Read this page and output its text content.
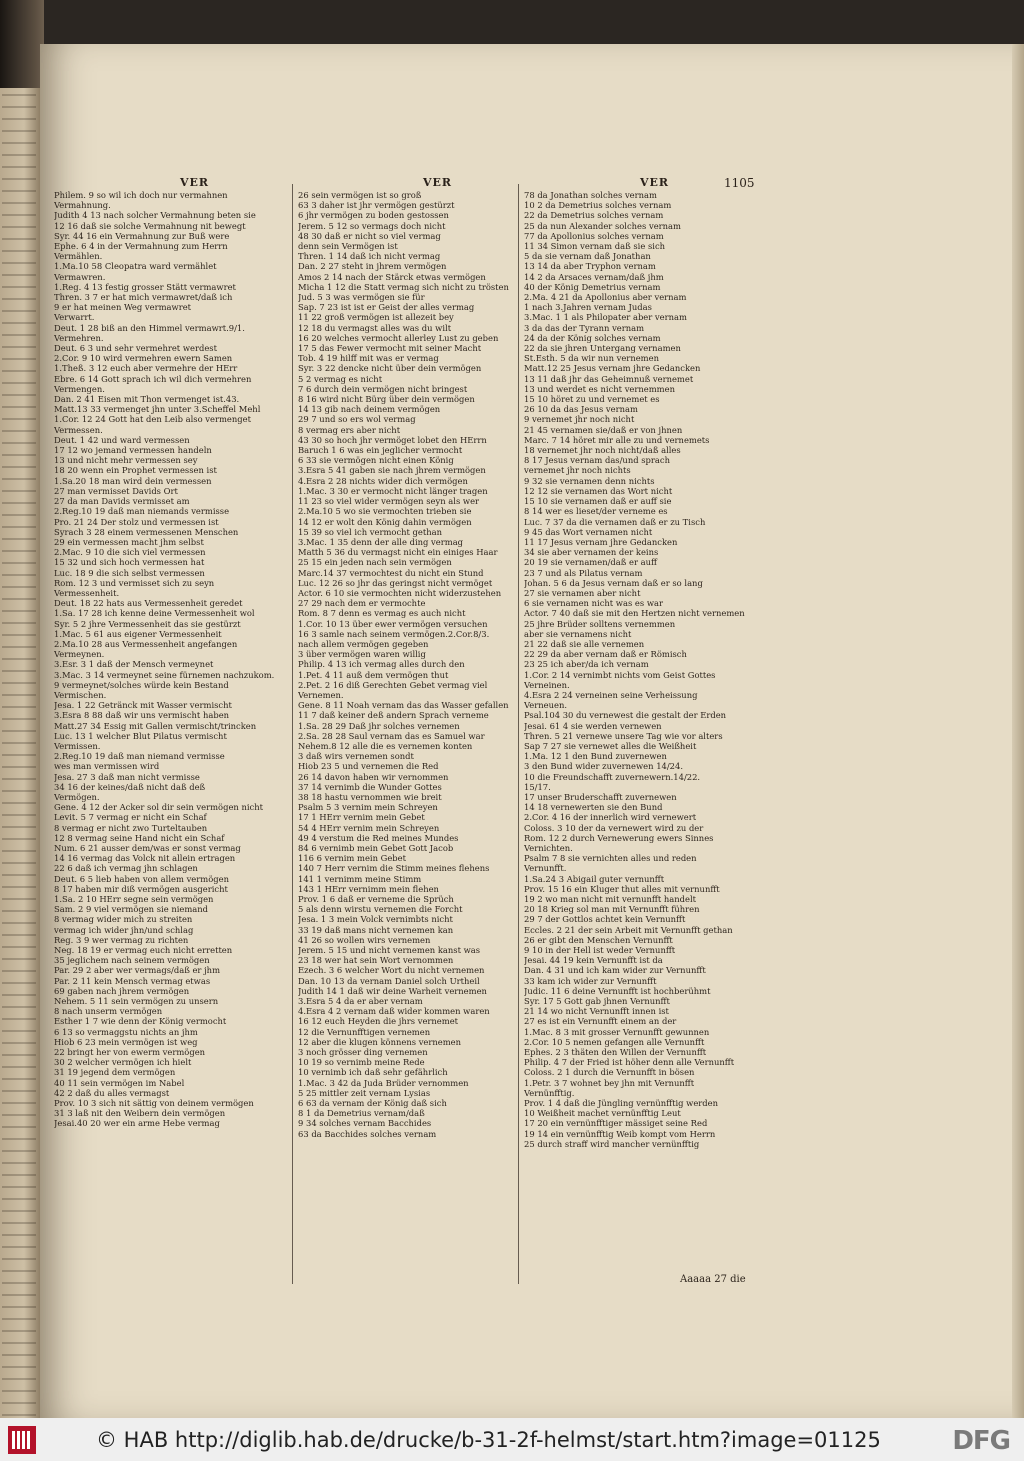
VER	VER	VER	1105
Philem. 9 so wil ich doch nur vermahnen
Vermahnung.
Judith 4 13 nach solcher Vermahnung beten sie
12 16 daß sie solche Vermahnung nit bewegt
Syr. 44 16 ein Vermahnung zur Buß were
Ephe. 6 4 in der Vermahnung zum Herrn
Vermählen.
1.Ma.10 58 Cleopatra ward vermählet
Vermawren.
1.Reg. 4 13 festig grosser Stätt vermawret
Thren. 3 7 er hat mich vermawret/daß ich
9 er hat meinen Weg vermawret
Verwarrt.
Deut. 1 28 biß an den Himmel vermawrt.9/1.
Vermehren.
Deut. 6 3 und sehr vermehret werdest
2.Cor. 9 10 wird vermehren ewern Samen
1.Theß. 3 12 euch aber vermehre der HErr
Ebre. 6 14 Gott sprach ich wil dich vermehren
Vermengen.
Dan. 2 41 Eisen mit Thon vermenget ist.43.
Matt.13 33 vermenget jhn unter 3.Scheffel Mehl
1.Cor. 12 24 Gott hat den Leib also vermenget
Vermessen.
Deut. 1 42 und ward vermessen
17 12 wo jemand vermessen handeln
13 und nicht mehr vermessen sey
18 20 wenn ein Prophet vermessen ist
1.Sa.20 18 man wird dein vermessen
27 man vermisset Davids Ort
27 da man Davids vermisset am
2.Reg.10 19 daß man niemands vermisse
Pro. 21 24 Der stolz und vermessen ist
Syrach 3 28 einem vermessenen Menschen
29 ein vermessen macht jhm selbst
2.Mac. 9 10 die sich viel vermessen
15 32 und sich hoch vermessen hat
Luc. 18 9 die sich selbst vermessen
Rom. 12 3 und vermisset sich zu seyn
Vermessenheit.
Deut. 18 22 hats aus Vermessenheit geredet
1.Sa. 17 28 ich kenne deine Vermessenheit wol
Syr. 5 2 jhre Vermessenheit das sie gestürzt
1.Mac. 5 61 aus eigener Vermessenheit
2.Ma.10 28 aus Vermessenheit angefangen
Vermeynen.
3.Esr. 3 1 daß der Mensch vermeynet
3.Mac. 3 14 vermeynet seine fürnemen nachzukom.
9 vermeynet/solches würde kein Bestand
Vermischen.
Jesa. 1 22 Getränck mit Wasser vermischt
3.Esra 8 88 daß wir uns vermischt haben
Matt.27 34 Essig mit Gallen vermischt/trincken
Luc. 13 1 welcher Blut Pilatus vermischt
Vermissen.
2.Reg.10 19 daß man niemand vermisse
wes man vermissen wird
Jesa. 27 3 daß man nicht vermisse
34 16 der keines/daß nicht daß deß
Vermögen.
Gene. 4 12 der Acker sol dir sein vermögen nicht
Levit. 5 7 vermag er nicht ein Schaf
8 vermag er nicht zwo Turteltauben
12 8 vermag seine Hand nicht ein Schaf
Num. 6 21 ausser dem/was er sonst vermag
14 16 vermag das Volck nit allein ertragen
22 6 daß ich vermag jhn schlagen
Deut. 6 5 lieb haben von allem vermögen
8 17 haben mir diß vermögen ausgericht
1.Sa. 2 10 HErr segne sein vermögen
Sam. 2 9 viel vermögen sie niemand
8 vermag wider mich zu streiten
vermag ich wider jhn/und schlag
Reg. 3 9 wer vermag zu richten
Neg. 18 19 er vermag euch nicht erretten
35 jeglichem nach seinem vermögen
Par. 29 2 aber wer vermags/daß er jhm
Par. 2 11 kein Mensch vermag etwas
69 gaben nach jhrem vermögen
Nehem. 5 11 sein vermögen zu unsern
8 nach unserm vermögen
Esther 1 7 wie denn der König vermocht
6 13 so vermaggstu nichts an jhm
Hiob 6 23 mein vermögen ist weg
22 bringt her von ewerm vermögen
30 2 welcher vermögen ich hielt
31 19 jegend dem vermögen
40 11 sein vermögen im Nabel
42 2 daß du alles vermagst
Prov. 10 3 sich nit sättig von deinem vermögen
31 3 laß nit den Weibern dein vermögen
Jesai.40 20 wer ein arme Hebe vermag
26 sein vermögen ist so groß
63 3 daher ist jhr vermögen gestürzt
6 jhr vermögen zu boden gestossen
Jerem. 5 12 so vermags doch nicht
48 30 daß er nicht so viel vermag
denn sein Vermögen ist
Thren. 1 14 daß ich nicht vermag
Dan. 2 27 steht in jhrem vermögen
Amos 2 14 nach der Stärck etwas vermögen
Micha 1 12 die Statt vermag sich nicht zu trösten
Jud. 5 3 was vermögen sie für
Sap. 7 23 ist ist er Geist der alles vermag
11 22 groß vermögen ist allezeit bey
12 18 du vermagst alles was du wilt
16 20 welches vermocht allerley Lust zu geben
17 5 das Fewer vermocht mit seiner Macht
Tob. 4 19 hilff mit was er vermag
Syr. 3 22 dencke nicht über dein vermögen
5 2 vermag es nicht
7 6 durch dein vermögen nicht bringest
8 16 wird nicht Bürg über dein vermögen
14 13 gib nach deinem vermögen
29 7 und so ers wol vermag
8 vermag ers aber nicht
43 30 so hoch jhr vermöget lobet den HErrn
Baruch 1 6 was ein jeglicher vermocht
6 33 sie vermögen nicht einen König
3.Esra 5 41 gaben sie nach jhrem vermögen
4.Esra 2 28 nichts wider dich vermögen
1.Mac. 3 30 er vermocht nicht länger tragen
11 23 so viel wider vermögen seyn als wer
2.Ma.10 5 wo sie vermochten trieben sie
14 12 er wolt den König dahin vermögen
15 39 so viel ich vermocht gethan
3.Mac. 1 35 denn der alle ding vermag
Matth 5 36 du vermagst nicht ein einiges Haar
25 15 ein jeden nach sein vermögen
Marc.14 37 vermochtest du nicht ein Stund
Luc. 12 26 so jhr das geringst nicht vermöget
Actor. 6 10 sie vermochten nicht widerzustehen
27 29 nach dem er vermochte
Rom. 8 7 denn es vermag es auch nicht
1.Cor. 10 13 über ewer vermögen versuchen
16 3 samle nach seinem vermögen.2.Cor.8/3.
nach allem vermögen gegeben
3 über vermögen waren willig
Philip. 4 13 ich vermag alles durch den
1.Pet. 4 11 auß dem vermögen thut
2.Pet. 2 16 diß Gerechten Gebet vermag viel
Vernemen.
Gene. 8 11 Noah vernam das das Wasser gefallen
11 7 daß keiner deß andern Sprach verneme
1.Sa. 28 29 Daß jhr solches vernemen
2.Sa. 28 28 Saul vernam das es Samuel war
Nehem.8 12 alle die es vernemen konten
3 daß wirs vernemen sondt
Hiob 23 5 und vernemen die Red
26 14 davon haben wir vernommen
37 14 vernimb die Wunder Gottes
38 18 hastu vernommen wie breit
Psalm 5 3 vernim mein Schreyen
17 1 HErr vernim mein Gebet
54 4 HErr vernim mein Schreyen
49 4 verstum die Red meines Mundes
84 6 vernimb mein Gebet Gott Jacob
116 6 vernim mein Gebet
140 7 Herr vernim die Stimm meines flehens
141 1 vernimm meine Stimm
143 1 HErr vernimm mein flehen
Prov. 1 6 daß er verneme die Sprüch
5 als denn wirstu vernemen die Forcht
Jesa. 1 3 mein Volck vernimbts nicht
33 19 daß mans nicht vernemen kan
41 26 so wollen wirs vernemen
Jerem. 5 15 und nicht vernemen kanst was
23 18 wer hat sein Wort vernommen
Ezech. 3 6 welcher Wort du nicht vernemen
Dan. 10 13 da vernam Daniel solch Urtheil
Judith 14 1 daß wir deine Warheit vernemen
3.Esra 5 4 da er aber vernam
4.Esra 4 2 vernam daß wider kommen waren
16 12 euch Heyden die jhrs vernemet
12 die Vernunfftigen vernemen
12 aber die klugen könnens vernemen
3 noch grösser ding vernemen
10 19 so vernimb meine Rede
10 vernimb ich daß sehr gefährlich
1.Mac. 3 42 da Juda Brüder vernommen
5 25 mittler zeit vernam Lysias
6 63 da vernam der König daß sich
8 1 da Demetrius vernam/daß
9 34 solches vernam Bacchides
63 da Bacchides solches vernam
78 da Jonathan solches vernam
10 2 da Demetrius solches vernam
22 da Demetrius solches vernam
25 da nun Alexander solches vernam
77 da Apollonius solches vernam
11 34 Simon vernam daß sie sich
5 da sie vernam daß Jonathan
13 14 da aber Tryphon vernam
14 2 da Arsaces vernam/daß jhm
40 der König Demetrius vernam
2.Ma. 4 21 da Apollonius aber vernam
1 nach 3.Jahren vernam Judas
3.Mac. 1 1 als Philopater aber vernam
3 da das der Tyrann vernam
24 da der König solches vernam
22 da sie jhren Untergang vernamen
St.Esth. 5 da wir nun vernemen
Matt.12 25 Jesus vernam jhre Gedancken
13 11 daß jhr das Geheimnuß vernemet
13 und werdet es nicht vernemmen
15 10 höret zu und vernemet es
26 10 da das Jesus vernam
9 vernemet jhr noch nicht
21 45 vernamen sie/daß er von jhnen
Marc. 7 14 höret mir alle zu und vernemets
18 vernemet jhr noch nicht/daß alles
8 17 Jesus vernam das/und sprach
vernemet jhr noch nichts
9 32 sie vernamen denn nichts
12 12 sie vernamen das Wort nicht
15 10 sie vernamen daß er auff sie
8 14 wer es lieset/der verneme es
Luc. 7 37 da die vernamen daß er zu Tisch
9 45 das Wort vernamen nicht
11 17 Jesus vernam jhre Gedancken
34 sie aber vernamen der keins
20 19 sie vernamen/daß er auff
23 7 und als Pilatus vernam
Johan. 5 6 da Jesus vernam daß er so lang
27 sie vernamen aber nicht
6 sie vernamen nicht was es war
Actor. 7 40 daß sie mit den Hertzen nicht vernemen
25 jhre Brüder solltens vernemmen
aber sie vernamens nicht
21 22 daß sie alle vernemen
22 29 da aber vernam daß er Römisch
23 25 ich aber/da ich vernam
1.Cor. 2 14 vernimbt nichts vom Geist Gottes
Verneinen.
4.Esra 2 24 verneinen seine Verheissung
Verneuen.
Psal.104 30 du vernewest die gestalt der Erden
Jesai. 61 4 sie werden vernewen
Thren. 5 21 vernewe unsere Tag wie vor alters
Sap 7 27 sie vernewet alles die Weißheit
1.Ma. 12 1 den Bund zuvernewen
3 den Bund wider zuvernewen 14/24.
10 die Freundschafft zuvernewern.14/22.
15/17.
17 unser Bruderschafft zuvernewen
14 18 vernewerten sie den Bund
2.Cor. 4 16 der innerlich wird vernewert
Coloss. 3 10 der da vernewert wird zu der
Rom. 12 2 durch Vernewerung ewers Sinnes
Vernichten.
Psalm 7 8 sie vernichten alles und reden
Vernunfft.
1.Sa.24 3 Abigail guter vernunfft
Prov. 15 16 ein Kluger thut alles mit vernunfft
19 2 wo man nicht mit vernunfft handelt
20 18 Krieg sol man mit Vernunfft führen
29 7 der Gottlos achtet kein Vernunfft
Eccles. 2 21 der sein Arbeit mit Vernunfft gethan
26 er gibt den Menschen Vernunfft
9 10 in der Hell ist weder Vernunfft
Jesai. 44 19 kein Vernunfft ist da
Dan. 4 31 und ich kam wider zur Vernunfft
33 kam ich wider zur Vernunfft
Judic. 11 6 deine Vernunfft ist hochberühmt
Syr. 17 5 Gott gab jhnen Vernunfft
21 14 wo nicht Vernunfft innen ist
27 es ist ein Vernunfft einem an der
1.Mac. 8 3 mit grosser Vernunfft gewunnen
2.Cor. 10 5 nemen gefangen alle Vernunfft
Ephes. 2 3 thäten den Willen der Vernunfft
Philip. 4 7 der Fried ist höher denn alle Vernunfft
Coloss. 2 1 durch die Vernunfft in bösen
1.Petr. 3 7 wohnet bey jhn mit Vernunfft
Vernünfftig.
Prov. 1 4 daß die Jüngling vernünfftig werden
10 Weißheit machet vernünfftig Leut
17 20 ein vernünfftiger mässiget seine Red
19 14 ein vernünfftig Weib kompt vom Herrn
25 durch straff wird mancher vernünfftig
Aaaaa 27 die
© HAB http://diglib.hab.de/drucke/b-31-2f-helmst/start.htm?image=01125	DFG
